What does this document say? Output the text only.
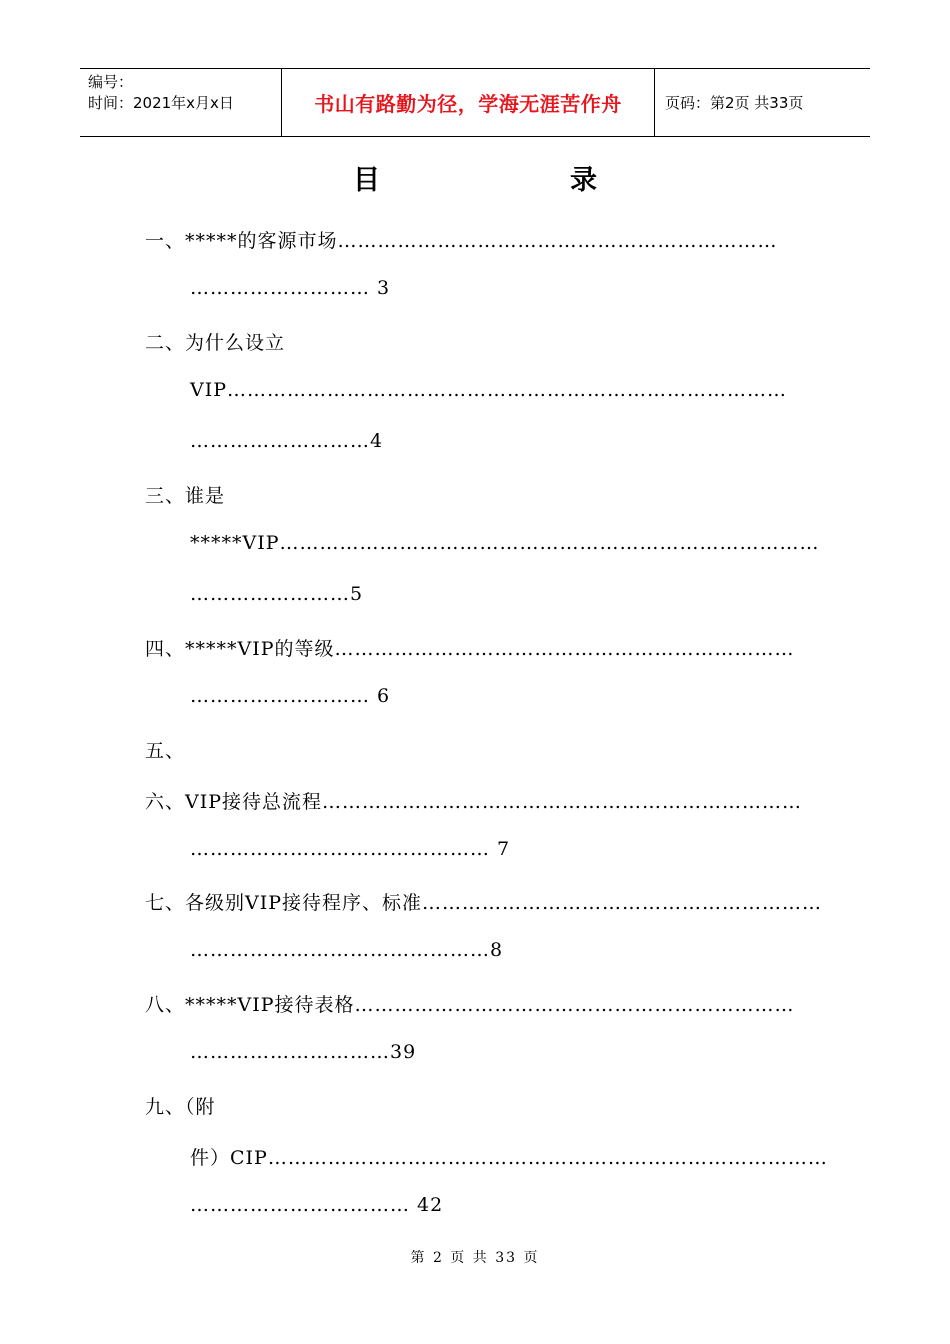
编号：
时间：2021年x月x日	书山有路勤为径，学海无涯苦作舟	页码：第2页 共33页
目录
一、*****的客源市场…………………………………………………………
……………………… 3
二、为什么设立
VIP…………………………………………………………………………
………………………4
三、谁是
*****VIP………………………………………………………………………
……………………5
四、*****VIP的等级……………………………………………………………
……………………… 6
五、
六、VIP接待总流程………………………………………………………………
……………………………………… 7
七、各级别VIP接待程序、标准……………………………………………………
………………………………………8
八、*****VIP接待表格…………………………………………………………
…………………………39
九、（附
件）CIP…………………………………………………………………………
…………………………… 42
第 2 页 共 33 页
